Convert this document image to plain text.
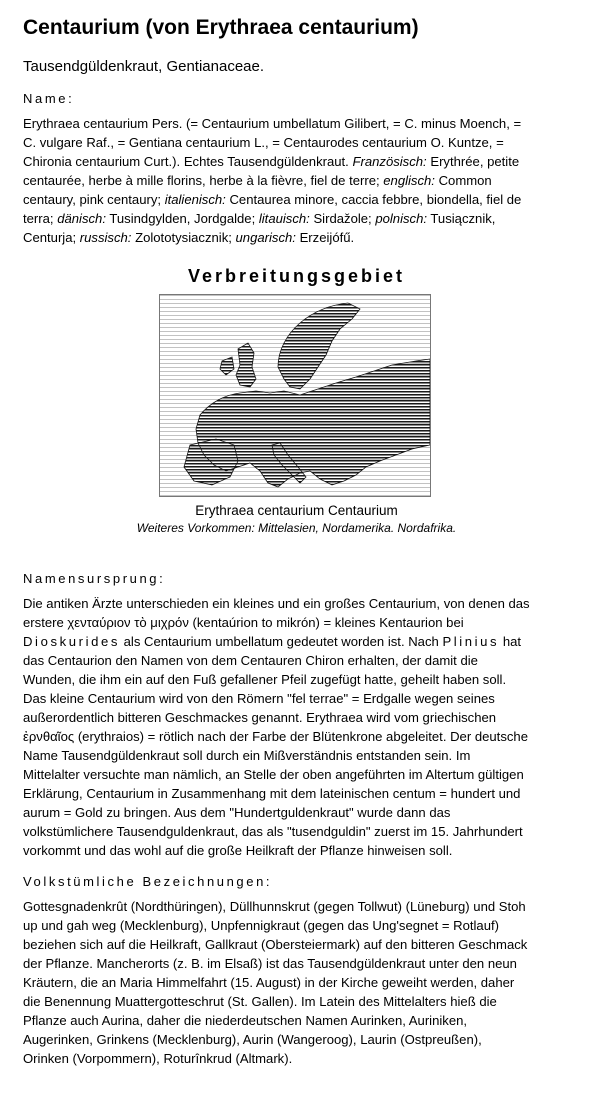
Centaurium (von Erythraea centaurium)
Tausendgüldenkraut, Gentianaceae.
Name:
Erythraea centaurium Pers. (= Centaurium umbellatum Gilibert, = C. minus Moench, =
C. vulgare Raf., = Gentiana centaurium L., = Centaurodes centaurium O. Kuntze, =
Chironia centaurium Curt.). Echtes Tausendgüldenkraut. Französisch: Erythrée, petite
centaurée, herbe à mille florins, herbe à la fièvre, fiel de terre; englisch: Common
centaury, pink centaury; italienisch: Centaurea minore, caccia febbre, biondella, fiel de
terra; dänisch: Tusindgylden, Jordgalde; litauisch: Sirdažole; polnisch: Tusiącznik,
Centurja; russisch: Zolototysiacznik; ungarisch: Erzeijófű.
Verbreitungsgebiet
Erythraea centaurium Centaurium
Weiteres Vorkommen: Mittelasien, Nordamerika. Nordafrika.
Namensursprung:
Die antiken Ärzte unterschieden ein kleines und ein großes Centaurium, von denen das
erstere χενταύριον τὸ μιχρόν (kentaúrion to mikrón) = kleines Kentaurion bei
Dioskurides als Centaurium umbellatum gedeutet worden ist. Nach Plinius hat
das Centaurion den Namen von dem Centauren Chiron erhalten, der damit die
Wunden, die ihm ein auf den Fuß gefallener Pfeil zugefügt hatte, geheilt haben soll.
Das kleine Centaurium wird von den Römern "fel terrae" = Erdgalle wegen seines
außerordentlich bitteren Geschmackes genannt. Erythraea wird vom griechischen
ἐρνθαῖος (erythraios) = rötlich nach der Farbe der Blütenkrone abgeleitet. Der deutsche
Name Tausendgüldenkraut soll durch ein Mißverständnis entstanden sein. Im
Mittelalter versuchte man nämlich, an Stelle der oben angeführten im Altertum gültigen
Erklärung, Centaurium in Zusammenhang mit dem lateinischen centum = hundert und
aurum = Gold zu bringen. Aus dem "Hundertguldenkraut" wurde dann das
volkstümlichere Tausendguldenkraut, das als "tusendguldin" zuerst im 15. Jahrhundert
vorkommt und das wohl auf die große Heilkraft der Pflanze hinweisen soll.
Volkstümliche Bezeichnungen:
Gottesgnadenkrût (Nordthüringen), Düllhunnskrut (gegen Tollwut) (Lüneburg) und Stoh
up und gah weg (Mecklenburg), Unpfennigkraut (gegen das Ung'segnet = Rotlauf)
beziehen sich auf die Heilkraft, Gallkraut (Obersteiermark) auf den bitteren Geschmack
der Pflanze. Mancherorts (z. B. im Elsaß) ist das Tausendgüldenkraut unter den neun
Kräutern, die an Maria Himmelfahrt (15. August) in der Kirche geweiht werden, daher
die Benennung Muattergotteschrut (St. Gallen). Im Latein des Mittelalters hieß die
Pflanze auch Aurina, daher die niederdeutschen Namen Aurinken, Auriniken,
Augerinken, Grinkens (Mecklenburg), Aurin (Wangeroog), Laurin (Ostpreußen),
Orinken (Vorpommern), Roturînkrud (Altmark).
